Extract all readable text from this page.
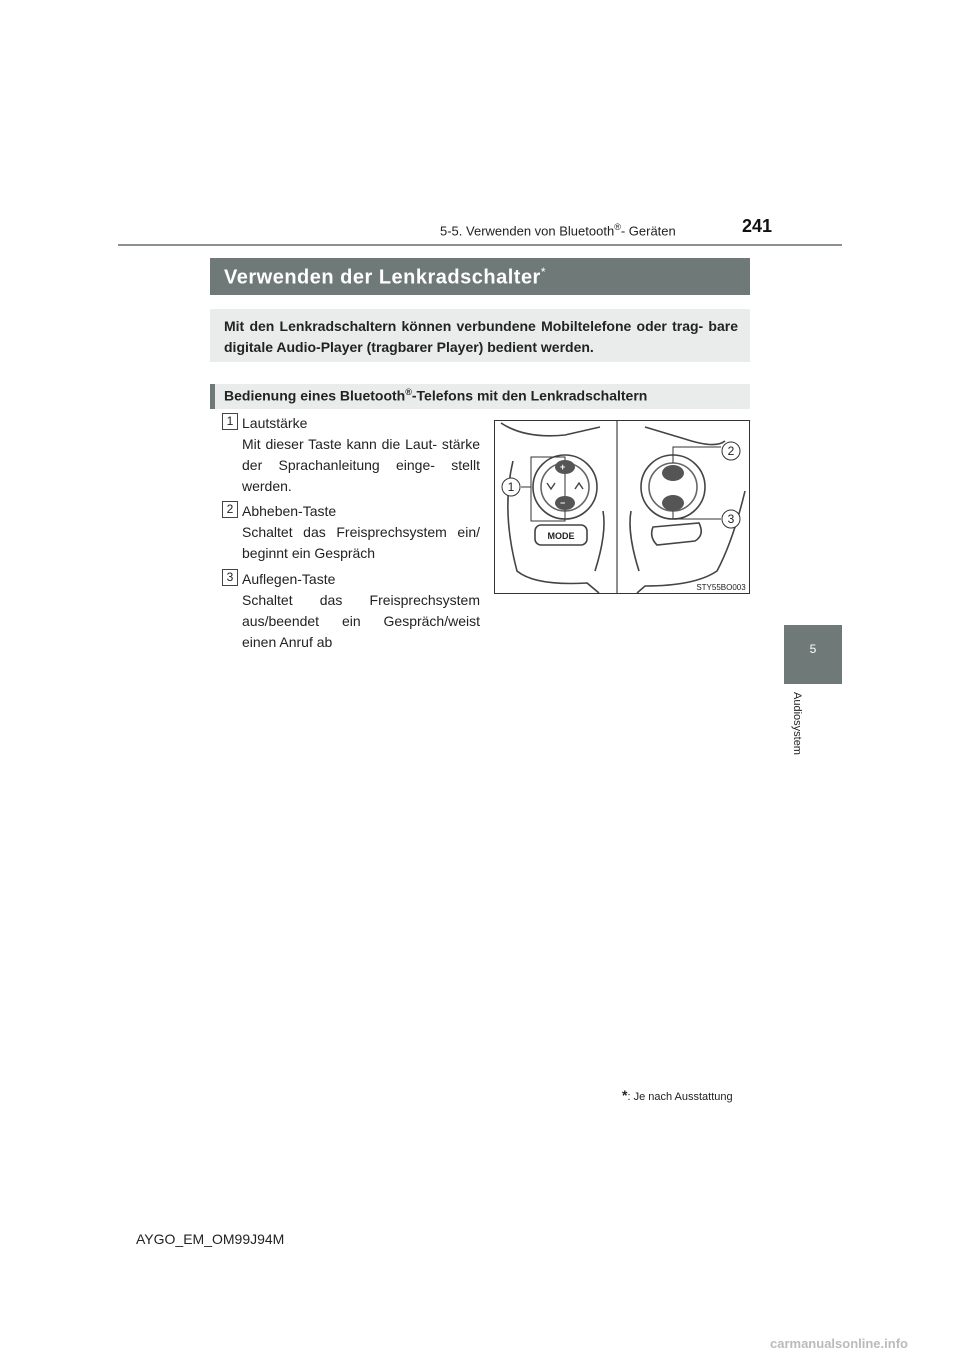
5-5. Verwenden von Bluetooth®- Geräten	241
Verwenden der Lenkradschalter*
Mit den Lenkradschaltern können verbundene Mobiltelefone oder trag- bare digitale Audio-Player (tragbarer Player) bedient werden.
Bedienung eines Bluetooth®-Telefons mit den Lenkradschaltern
1 Lautstärke
Mit dieser Taste kann die Laut- stärke der Sprachanleitung einge- stellt werden.
2 Abheben-Taste
Schaltet das Freisprechsystem ein/ beginnt ein Gespräch
3 Auflegen-Taste
Schaltet das Freisprechsystem aus/beendet ein Gespräch/weist einen Anruf ab
+
−
1
2
3
MODE
STY55BO003
5
Audiosystem
*: Je nach Ausstattung
AYGO_EM_OM99J94M
carmanualsonline.info
